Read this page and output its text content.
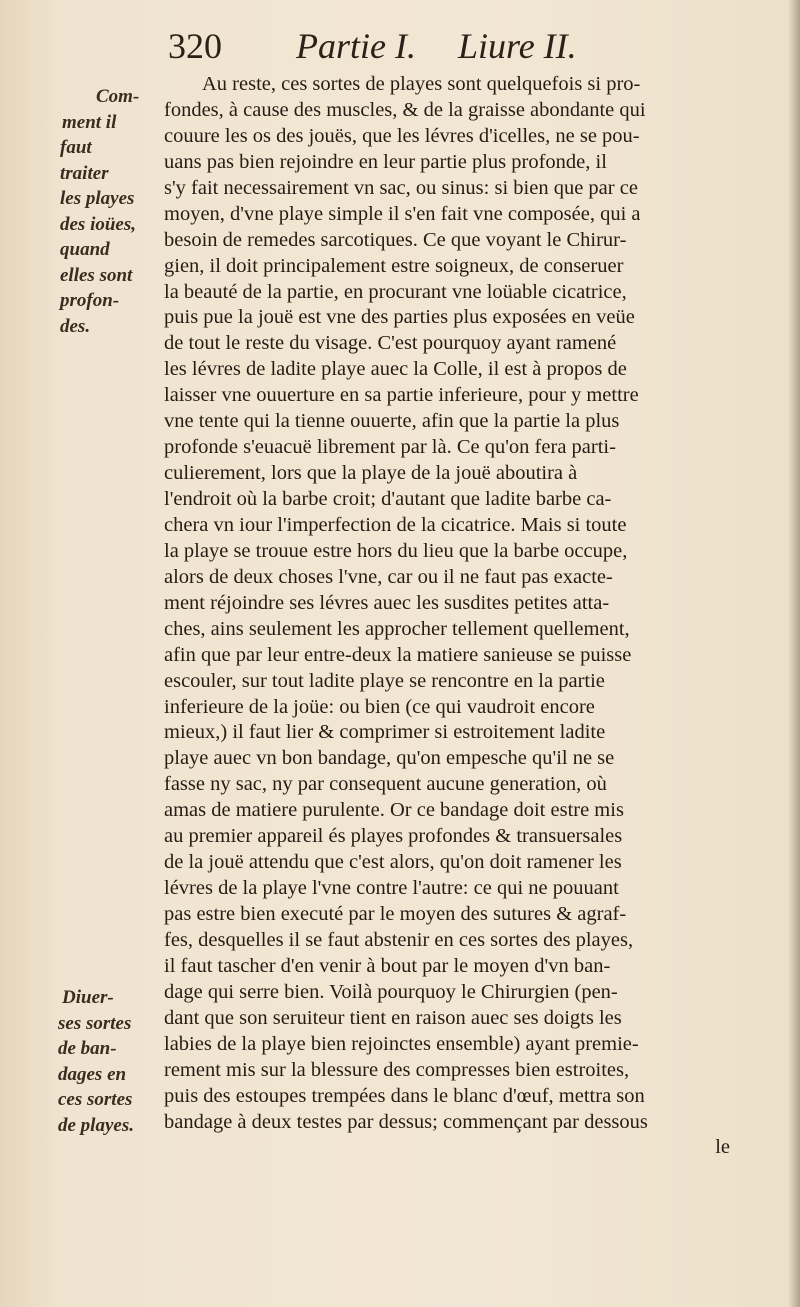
320 Partie I. Liure II.
Com-
ment il
faut
traiter
les playes
des ioües,
quand
elles sont
profon-
des.
Diuer-
ses sortes
de ban-
dages en
ces sortes
de playes.
Au reste, ces sortes de playes sont quelquefois si pro-
fondes, à cause des muscles, & de la graisse abondante qui
couure les os des jouës, que les lévres d'icelles, ne se pou-
uans pas bien rejoindre en leur partie plus profonde, il
s'y fait necessairement vn sac, ou sinus: si bien que par ce
moyen, d'vne playe simple il s'en fait vne composée, qui a
besoin de remedes sarcotiques. Ce que voyant le Chirur-
gien, il doit principalement estre soigneux, de conseruer
la beauté de la partie, en procurant vne loüable cicatrice,
puis pue la jouë est vne des parties plus exposées en veüe
de tout le reste du visage. C'est pourquoy ayant ramené
les lévres de ladite playe auec la Colle, il est à propos de
laisser vne ouuerture en sa partie inferieure, pour y mettre
vne tente qui la tienne ouuerte, afin que la partie la plus
profonde s'euacuë librement par là. Ce qu'on fera parti-
culierement, lors que la playe de la jouë aboutira à
l'endroit où la barbe croit; d'autant que ladite barbe ca-
chera vn iour l'imperfection de la cicatrice. Mais si toute
la playe se trouue estre hors du lieu que la barbe occupe,
alors de deux choses l'vne, car ou il ne faut pas exacte-
ment réjoindre ses lévres auec les susdites petites atta-
ches, ains seulement les approcher tellement quellement,
afin que par leur entre-deux la matiere sanieuse se puisse
escouler, sur tout ladite playe se rencontre en la partie
inferieure de la joüe: ou bien (ce qui vaudroit encore
mieux,) il faut lier & comprimer si estroitement ladite
playe auec vn bon bandage, qu'on empesche qu'il ne se
fasse ny sac, ny par consequent aucune generation, où
amas de matiere purulente. Or ce bandage doit estre mis
au premier appareil és playes profondes & transuersales
de la jouë attendu que c'est alors, qu'on doit ramener les
lévres de la playe l'vne contre l'autre: ce qui ne pouuant
pas estre bien executé par le moyen des sutures & agraf-
fes, desquelles il se faut abstenir en ces sortes des playes,
il faut tascher d'en venir à bout par le moyen d'vn ban-
dage qui serre bien. Voilà pourquoy le Chirurgien (pen-
dant que son seruiteur tient en raison auec ses doigts les
labies de la playe bien rejoinctes ensemble) ayant premie-
rement mis sur la blessure des compresses bien estroites,
puis des estoupes trempées dans le blanc d'œuf, mettra son
bandage à deux testes par dessus; commençant par dessous
le
